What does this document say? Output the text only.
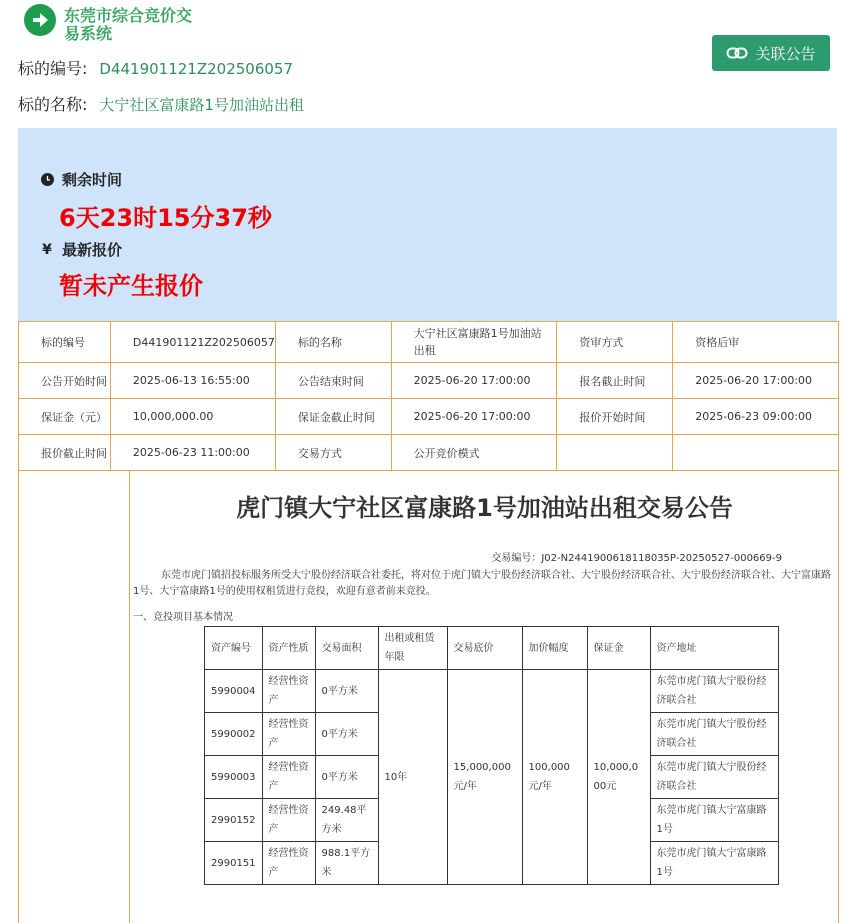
东莞市综合竞价交易系统
关联公告
标的编号: D441901121Z202506057
标的名称: 大宁社区富康路1号加油站出租
剩余时间
6天23时15分37秒
¥ 最新报价
暂未产生报价
标的编号	D441901121Z202506057	标的名称	大宁社区富康路1号加油站出租	资审方式	资格后审
公告开始时间	2025-06-13 16:55:00	公告结束时间	2025-06-20 17:00:00	报名截止时间	2025-06-20 17:00:00
保证金（元）	10,000,000.00	保证金截止时间	2025-06-20 17:00:00	报价开始时间	2025-06-23 09:00:00
报价截止时间	2025-06-23 11:00:00	交易方式	公开竞价模式		
虎门镇大宁社区富康路1号加油站出租交易公告
交易编号：J02-N2441900618118035P-20250527-000669-9
东莞市虎门镇招投标服务所受大宁股份经济联合社委托，将对位于虎门镇大宁股份经济联合社、大宁股份经济联合社、大宁股份经济联合社、大宁富康路1号、大宁富康路1号的使用权租赁进行竞投，欢迎有意者前来竞投。
一、竞投项目基本情况
资产编号	资产性质	交易面积	出租或租赁年限	交易底价	加价幅度	保证金	资产地址
5990004	经营性资产	0平方米	10年	15,000,000元/年	100,000元/年	10,000,000元	东莞市虎门镇大宁股份经济联合社
5990002	经营性资产	0平方米					东莞市虎门镇大宁股份经济联合社
5990003	经营性资产	0平方米					东莞市虎门镇大宁股份经济联合社
2990152	经营性资产	249.48平方米					东莞市虎门镇大宁富康路1号
2990151	经营性资产	988.1平方米					东莞市虎门镇大宁富康路1号
